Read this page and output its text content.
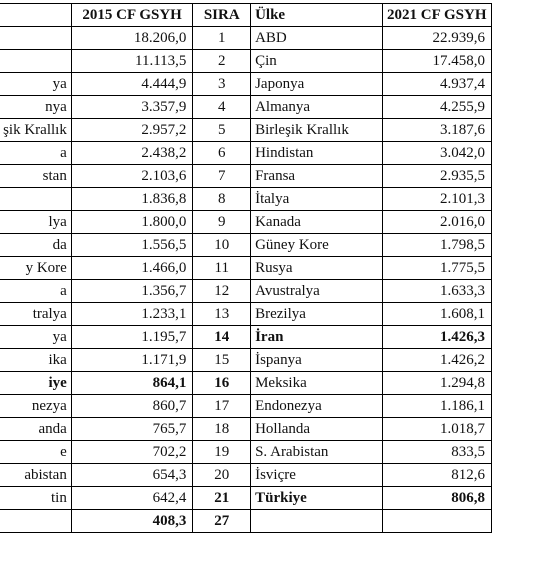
	2015 CF GSYH	SIRA	Ülke	2021 CF GSYH
	18.206,0	1	ABD	22.939,6
	11.113,5	2	Çin	17.458,0
ya	4.444,9	3	Japonya	4.937,4
nya	3.357,9	4	Almanya	4.255,9
şik Krallık	2.957,2	5	Birleşik Krallık	3.187,6
a	2.438,2	6	Hindistan	3.042,0
stan	2.103,6	7	Fransa	2.935,5
	1.836,8	8	İtalya	2.101,3
lya	1.800,0	9	Kanada	2.016,0
da	1.556,5	10	Güney Kore	1.798,5
y Kore	1.466,0	11	Rusya	1.775,5
a	1.356,7	12	Avustralya	1.633,3
tralya	1.233,1	13	Brezilya	1.608,1
ya	1.195,7	14	İran	1.426,3
ika	1.171,9	15	İspanya	1.426,2
iye	864,1	16	Meksika	1.294,8
nezya	860,7	17	Endonezya	1.186,1
anda	765,7	18	Hollanda	1.018,7
e	702,2	19	S. Arabistan	833,5
abistan	654,3	20	İsviçre	812,6
tin	642,4	21	Türkiye	806,8
	408,3	27		
